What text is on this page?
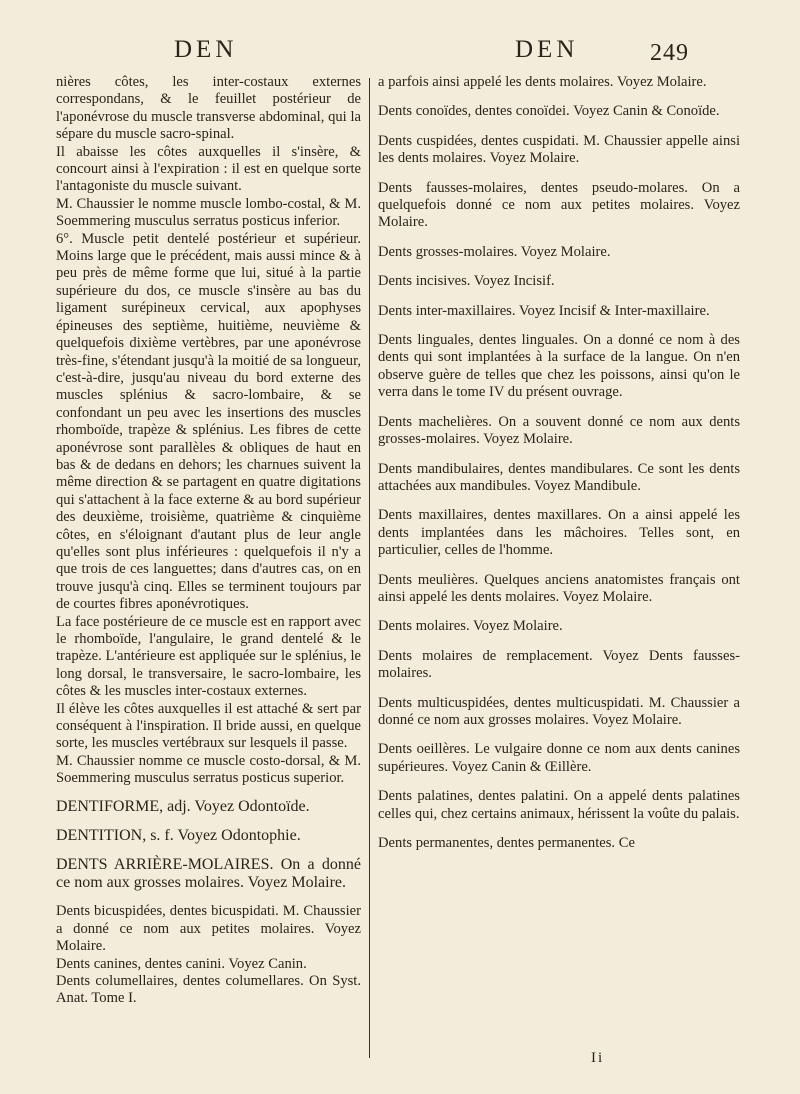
DEN	DEN	249

nières côtes, les inter-costaux externes correspondans, & le feuillet postérieur de l'aponévrose du muscle transverse abdominal, qui la sépare du muscle sacro-spinal.

Il abaisse les côtes auxquelles il s'insère, & concourt ainsi à l'expiration : il est en quelque sorte l'antagoniste du muscle suivant.

M. Chaussier le nomme muscle lombo-costal, & M. Soemmering musculus serratus posticus inferior.

6°. Muscle petit dentelé postérieur et supérieur. Moins large que le précédent, mais aussi mince & à peu près de même forme que lui, situé à la partie supérieure du dos, ce muscle s'insère au bas du ligament surépineux cervical, aux apophyses épineuses des septième, huitième, neuvième & quelquefois dixième vertèbres, par une aponévrose très-fine, s'étendant jusqu'à la moitié de sa longueur, c'est-à-dire, jusqu'au niveau du bord externe des muscles splénius & sacro-lombaire, & se confondant un peu avec les insertions des muscles rhomboïde, trapèze & splénius. Les fibres de cette aponévrose sont parallèles & obliques de haut en bas & de dedans en dehors; les charnues suivent la même direction & se partagent en quatre digitations qui s'attachent à la face externe & au bord supérieur des deuxième, troisième, quatrième & cinquième côtes, en s'éloignant d'autant plus de leur angle qu'elles sont plus inférieures : quelquefois il n'y a que trois de ces languettes; dans d'autres cas, on en trouve jusqu'à cinq. Elles se terminent toujours par de courtes fibres aponévrotiques.

La face postérieure de ce muscle est en rapport avec le rhomboïde, l'angulaire, le grand dentelé & le trapèze. L'antérieure est appliquée sur le splénius, le long dorsal, le transversaire, le sacro-lombaire, les côtes & les muscles inter-costaux externes.

Il élève les côtes auxquelles il est attaché & sert par conséquent à l'inspiration. Il bride aussi, en quelque sorte, les muscles vertébraux sur lesquels il passe.

M. Chaussier nomme ce muscle costo-dorsal, & M. Soemmering musculus serratus posticus superior.

DENTIFORME, adj. Voyez Odontoïde.

DENTITION, s. f. Voyez Odontophie.

DENTS ARRIÈRE-MOLAIRES. On a donné ce nom aux grosses molaires. Voyez Molaire.

Dents bicuspidées, dentes bicuspidati. M. Chaussier a donné ce nom aux petites molaires. Voyez Molaire.

Dents canines, dentes canini. Voyez Canin.

Dents columellaires, dentes columellares. On Syst. Anat. Tome I.

a parfois ainsi appelé les dents molaires. Voyez Molaire.

Dents conoïdes, dentes conoïdei. Voyez Canin & Conoïde.

Dents cuspidées, dentes cuspidati. M. Chaussier appelle ainsi les dents molaires. Voyez Molaire.

Dents fausses-molaires, dentes pseudo-molares. On a quelquefois donné ce nom aux petites molaires. Voyez Molaire.

Dents grosses-molaires. Voyez Molaire.

Dents incisives. Voyez Incisif.

Dents inter-maxillaires. Voyez Incisif & Inter-maxillaire.

Dents linguales, dentes linguales. On a donné ce nom à des dents qui sont implantées à la surface de la langue. On n'en observe guère de telles que chez les poissons, ainsi qu'on le verra dans le tome IV du présent ouvrage.

Dents machelières. On a souvent donné ce nom aux dents grosses-molaires. Voyez Molaire.

Dents mandibulaires, dentes mandibulares. Ce sont les dents attachées aux mandibules. Voyez Mandibule.

Dents maxillaires, dentes maxillares. On a ainsi appelé les dents implantées dans les mâchoires. Telles sont, en particulier, celles de l'homme.

Dents meulières. Quelques anciens anatomistes français ont ainsi appelé les dents molaires. Voyez Molaire.

Dents molaires. Voyez Molaire.

Dents molaires de remplacement. Voyez Dents fausses-molaires.

Dents multicuspidées, dentes multicuspidati. M. Chaussier a donné ce nom aux grosses molaires. Voyez Molaire.

Dents oeillères. Le vulgaire donne ce nom aux dents canines supérieures. Voyez Canin & Œillère.

Dents palatines, dentes palatini. On a appelé dents palatines celles qui, chez certains animaux, hérissent la voûte du palais.

Dents permanentes, dentes permanentes. Ce

Ii
